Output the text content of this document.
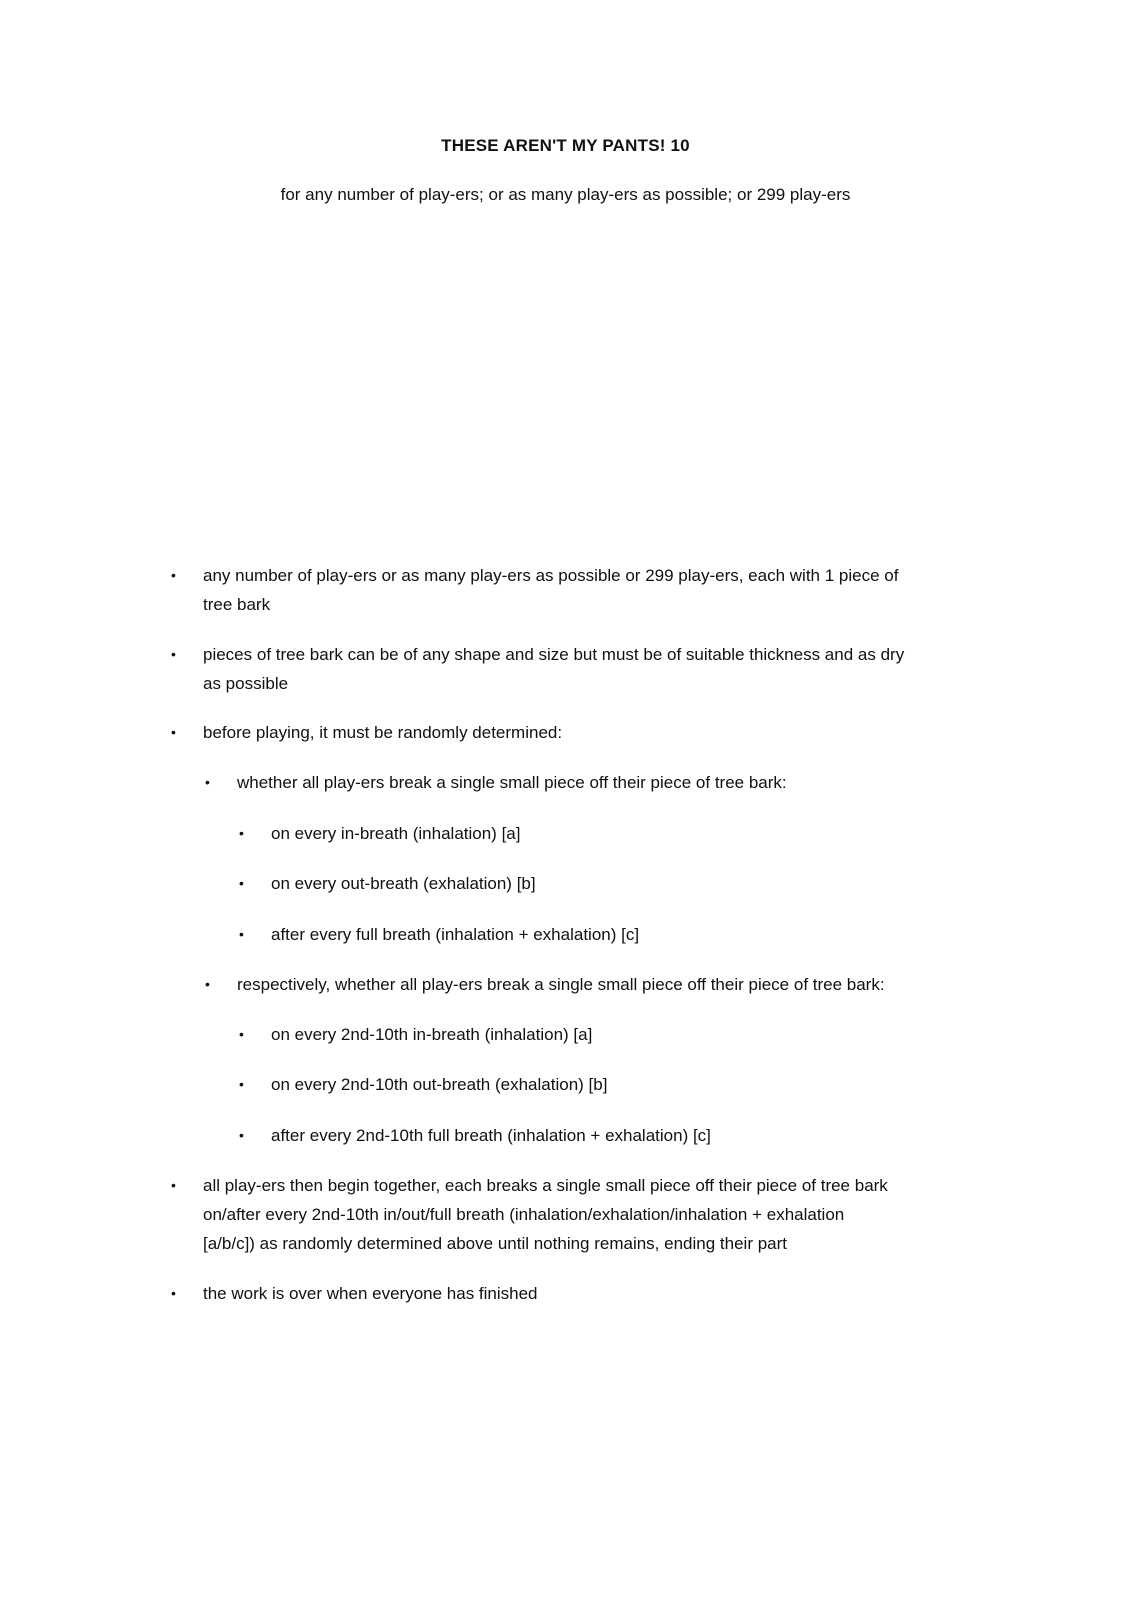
THESE AREN'T MY PANTS! 10
for any number of play-ers; or as many play-ers as possible; or 299 play-ers
• any number of play-ers or as many play-ers as possible or 299 play-ers, each with 1 piece of
tree bark
• pieces of tree bark can be of any shape and size but must be of suitable thickness and as dry
as possible
• before playing, it must be randomly determined:
• whether all play-ers break a single small piece off their piece of tree bark:
• on every in-breath (inhalation) [a]
• on every out-breath (exhalation) [b]
• after every full breath (inhalation + exhalation) [c]
• respectively, whether all play-ers break a single small piece off their piece of tree bark:
• on every 2nd-10th in-breath (inhalation) [a]
• on every 2nd-10th out-breath (exhalation) [b]
• after every 2nd-10th full breath (inhalation + exhalation) [c]
• all play-ers then begin together, each breaks a single small piece off their piece of tree bark
on/after every 2nd-10th in/out/full breath (inhalation/exhalation/inhalation + exhalation
[a/b/c]) as randomly determined above until nothing remains, ending their part
• the work is over when everyone has finished
